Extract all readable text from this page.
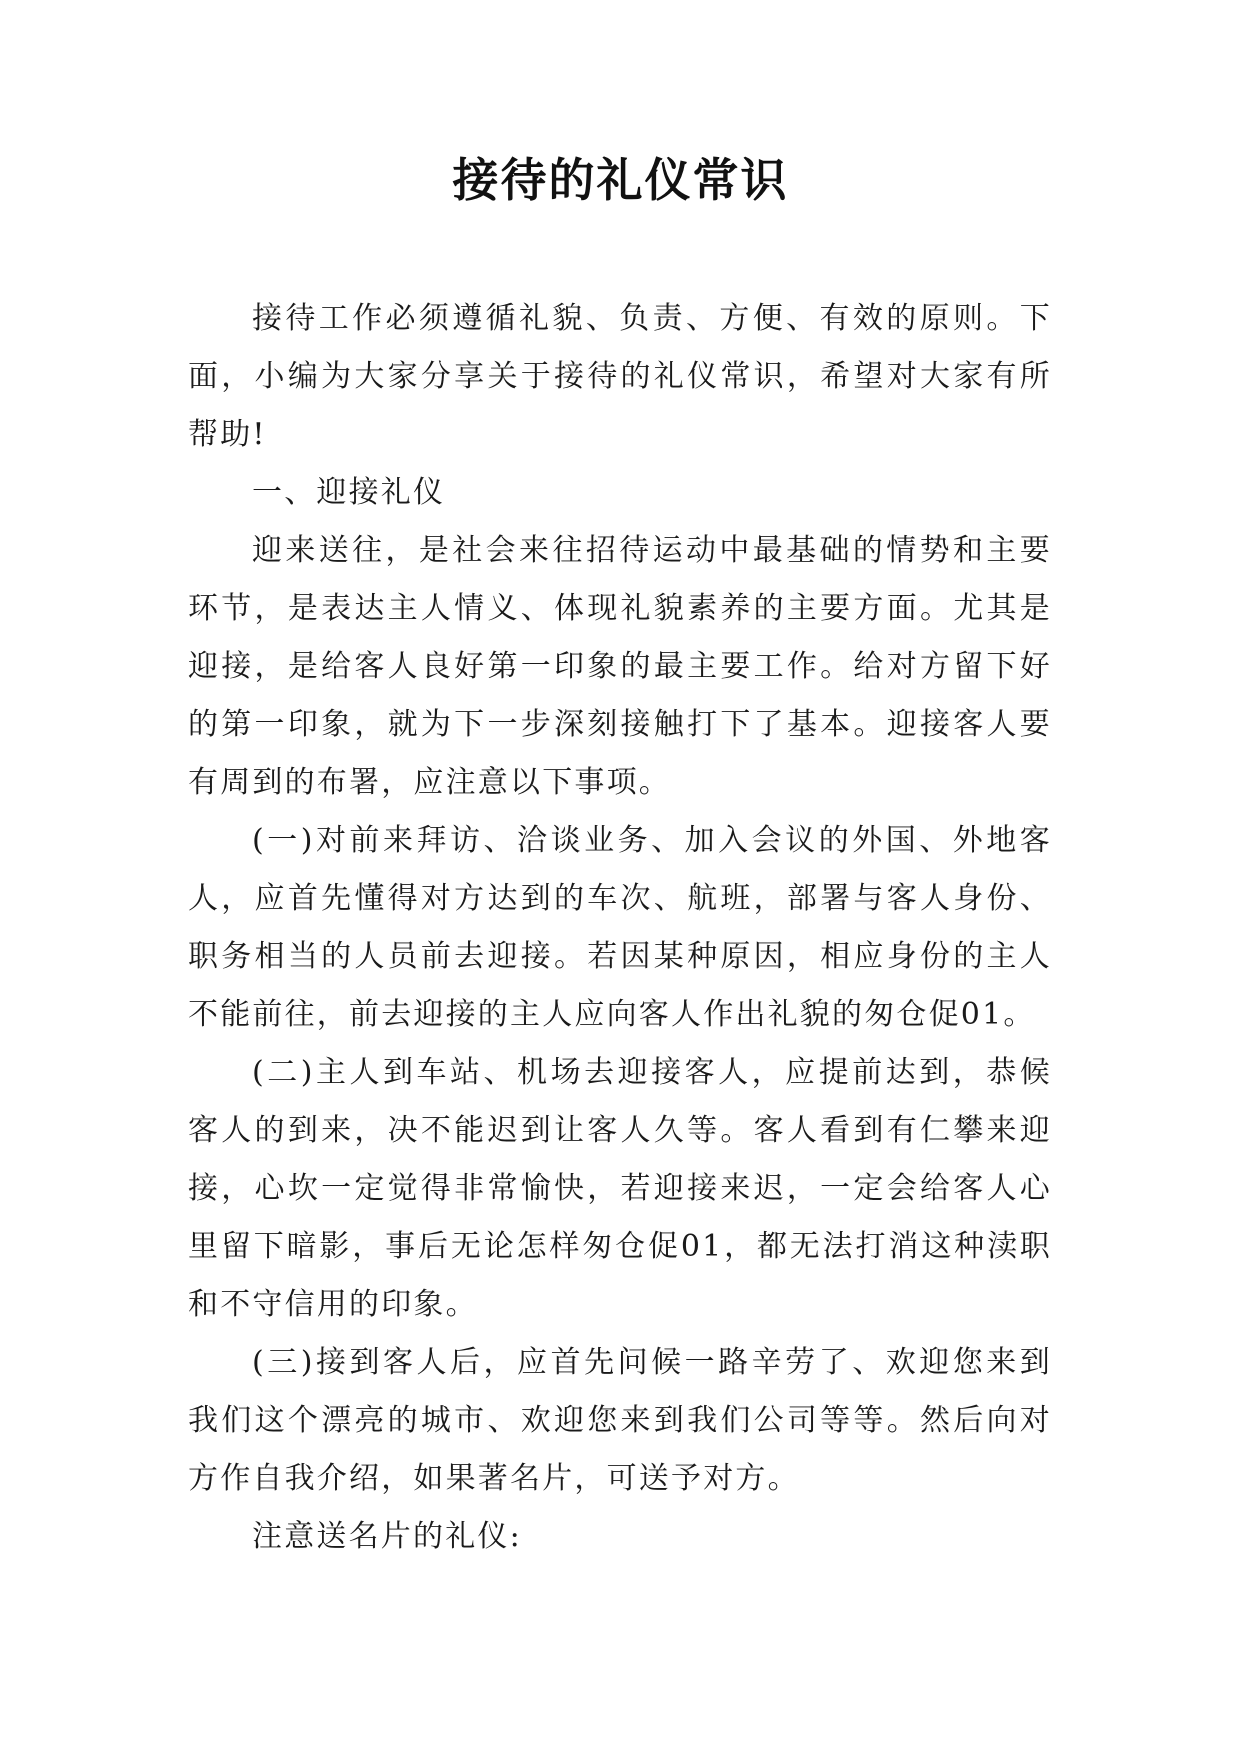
接待的礼仪常识

接待工作必须遵循礼貌、负责、方便、有效的原则。下面，小编为大家分享关于接待的礼仪常识，希望对大家有所帮助!

一、迎接礼仪

迎来送往，是社会来往招待运动中最基础的情势和主要环节，是表达主人情义、体现礼貌素养的主要方面。尤其是迎接，是给客人良好第一印象的最主要工作。给对方留下好的第一印象，就为下一步深刻接触打下了基本。迎接客人要有周到的布署，应注意以下事项。

(一)对前来拜访、洽谈业务、加入会议的外国、外地客人，应首先懂得对方达到的车次、航班，部署与客人身份、职务相当的人员前去迎接。若因某种原因，相应身份的主人不能前往，前去迎接的主人应向客人作出礼貌的匆仓促01。

(二)主人到车站、机场去迎接客人，应提前达到，恭候客人的到来，决不能迟到让客人久等。客人看到有仁攀来迎接，心坎一定觉得非常愉快，若迎接来迟，一定会给客人心里留下暗影，事后无论怎样匆仓促01，都无法打消这种渎职和不守信用的印象。

(三)接到客人后，应首先问候一路辛劳了、欢迎您来到我们这个漂亮的城市、欢迎您来到我们公司等等。然后向对方作自我介绍，如果著名片，可送予对方。

注意送名片的礼仪:
